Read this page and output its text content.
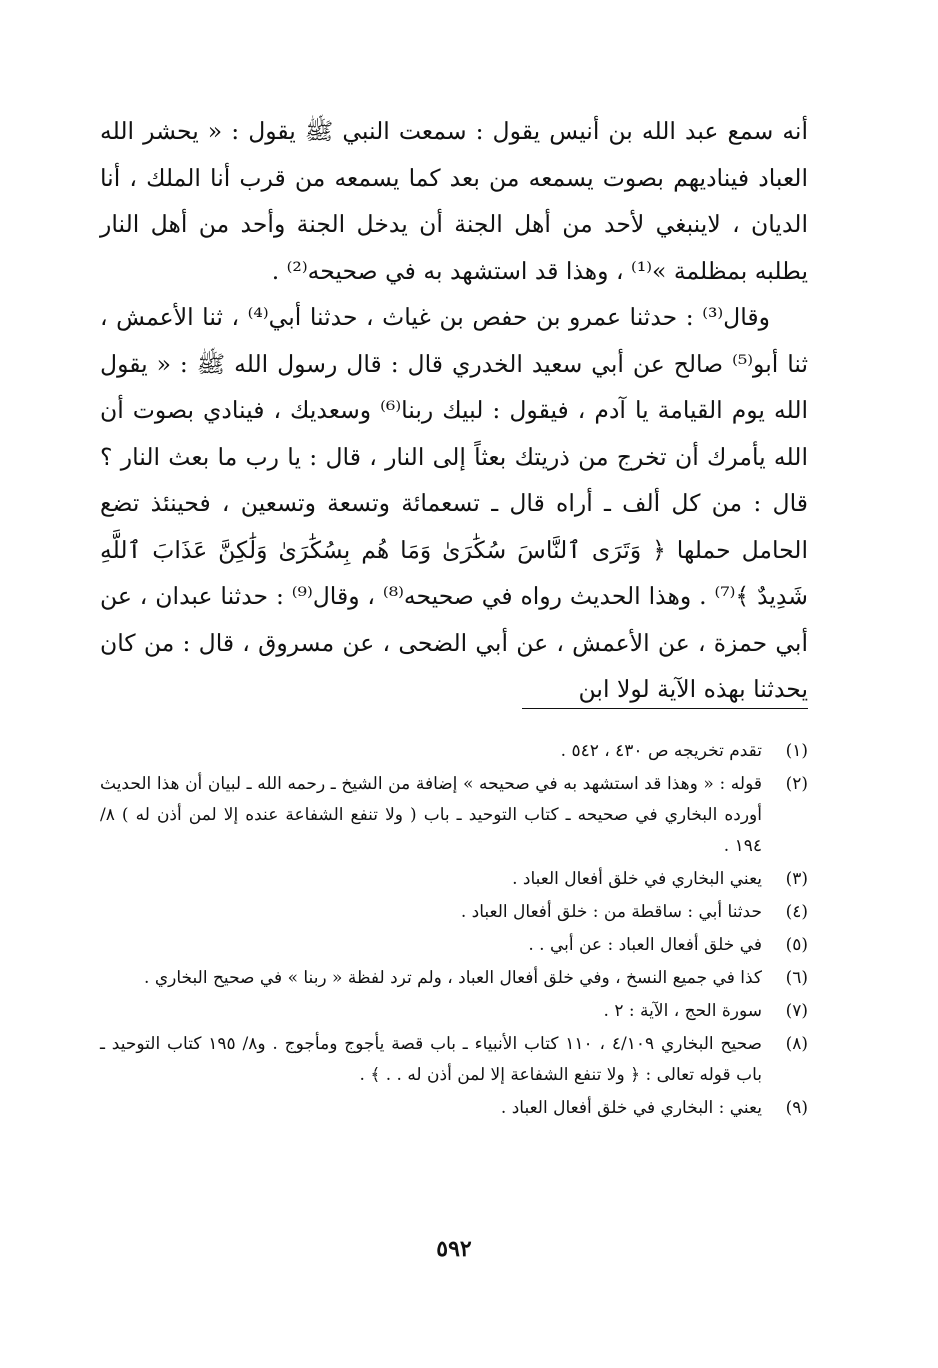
أنه سمع عبد الله بن أنيس يقول : سمعت النبي ﷺ يقول : « يحشر الله العباد فيناديهم بصوت يسمعه من بعد كما يسمعه من قرب أنا الملك ، أنا الديان ، لاينبغي لأحد من أهل الجنة أن يدخل الجنة وأحد من أهل النار يطلبه بمظلمة »⁽¹⁾ ، وهذا قد استشهد به في صحيحه⁽²⁾ .

وقال⁽³⁾ : حدثنا عمرو بن حفص بن غياث ، حدثنا أبي⁽⁴⁾ ، ثنا الأعمش ، ثنا أبو⁽⁵⁾ صالح عن أبي سعيد الخدري قال : قال رسول الله ﷺ : « يقول الله يوم القيامة يا آدم ، فيقول : لبيك ربنا⁽⁶⁾ وسعديك ، فينادي بصوت أن الله يأمرك أن تخرج من ذريتك بعثاً إلى النار ، قال : يا رب ما بعث النار ؟ قال : من كل ألف ـ أراه قال ـ تسعمائة وتسعة وتسعين ، فحينئذ تضع الحامل حملها ﴿ وَتَرَى ٱلنَّاسَ سُكَٰرَىٰ وَمَا هُم بِسُكَٰرَىٰ وَلَٰكِنَّ عَذَابَ ٱللَّهِ شَدِيدٌ ﴾⁽⁷⁾ . وهذا الحديث رواه في صحيحه⁽⁸⁾ ، وقال⁽⁹⁾ : حدثنا عبدان ، عن أبي حمزة ، عن الأعمش ، عن أبي الضحى ، عن مسروق ، قال : من كان يحدثنا بهذه الآية لولا ابن

(١)
تقدم تخريجه ص ٤٣٠ ، ٥٤٢ .
(٢)
قوله : « وهذا قد استشهد به في صحيحه » إضافة من الشيخ ـ رحمه الله ـ لبيان أن هذا الحديث أورده البخاري في صحيحه ـ كتاب التوحيد ـ باب ( ولا تنفع الشفاعة عنده إلا لمن أذن له ) ٨/ ١٩٤ .
(٣)
يعني البخاري في خلق أفعال العباد .
(٤)
حدثنا أبي : ساقطة من : خلق أفعال العباد .
(٥)
في خلق أفعال العباد : عن أبي . .
(٦)
كذا في جميع النسخ ، وفي خلق أفعال العباد ، ولم ترد لفظة « ربنا » في صحيح البخاري .
(٧)
سورة الحج ، الآية : ٢ .
(٨)
صحيح البخاري ٤/١٠٩ ، ١١٠ كتاب الأنبياء ـ باب قصة يأجوج ومأجوج . و٨/ ١٩٥ كتاب التوحيد ـ باب قوله تعالى : ﴿ ولا تنفع الشفاعة إلا لمن أذن له . . ﴾ .
(٩)
يعني : البخاري في خلق أفعال العباد .
٥٩٢
